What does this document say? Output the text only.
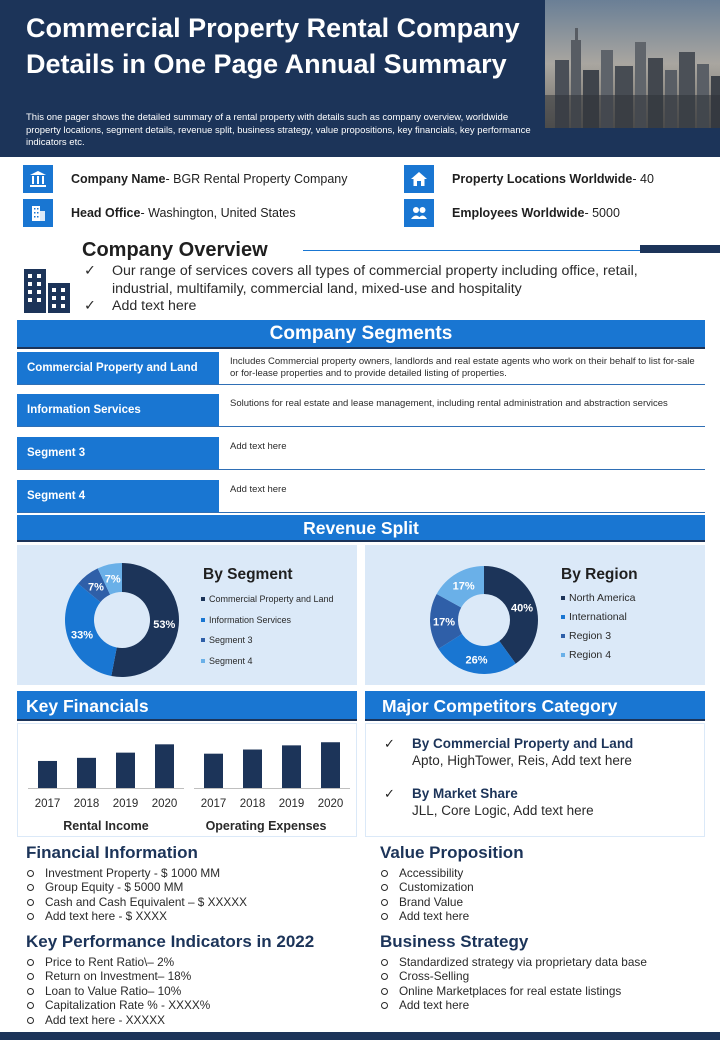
Commercial Property Rental Company Details in One Page Annual Summary
This one pager shows the detailed summary of a rental property with details such as company overview, worldwide property locations, segment details, revenue split, business strategy, value propositions, key financials, key performance indicators etc.
Company Name - BGR Rental Property Company	Property Locations Worldwide - 40
Head Office - Washington, United States	Employees Worldwide - 5000
Company Overview
✓ Our range of services covers all types of commercial property including office, retail, industrial, multifamily, commercial land, mixed-use and hospitality
✓ Add text here
Company Segments
Commercial Property and Land
Includes Commercial property owners, landlords and real estate agents who work on their behalf to list for-sale or for-lease properties and to provide detailed listing of properties.
Information Services
Solutions for real estate and lease management, including rental administration and abstraction services
Segment 3
Add text here
Segment 4
Add text here
Revenue Split
53%
33%
7%
7%	By Segment
Commercial Property and Land
Information Services
Segment 3
Segment 4
40%
26%
17%
17%
By Region
North America
International
Region 3
Region 4
Key Financials
2017 2018 2019 2020 2017 2018 2019 2020
Rental Income	Operating Expenses
Major Competitors Category
✓ By Commercial Property and Land
Apto, HighTower, Reis, Add text here
✓ By Market Share
JLL, Core Logic, Add text here
Financial Information
Investment Property - $ 1000 MM
Group Equity - $ 5000 MM
Cash and Cash Equivalent – $ XXXXX
Add text here - $ XXXX
Key Performance Indicators in 2022
Price to Rent Ratio\– 2%
Return on Investment– 18%
Loan to Value Ratio– 10%
Capitalization Rate % - XXXX%
Add text here - XXXXX
Value Proposition
Accessibility
Customization
Brand Value
Add text here
Business Strategy
Standardized strategy via proprietary data base
Cross-Selling
Online Marketplaces for real estate listings
Add text here
